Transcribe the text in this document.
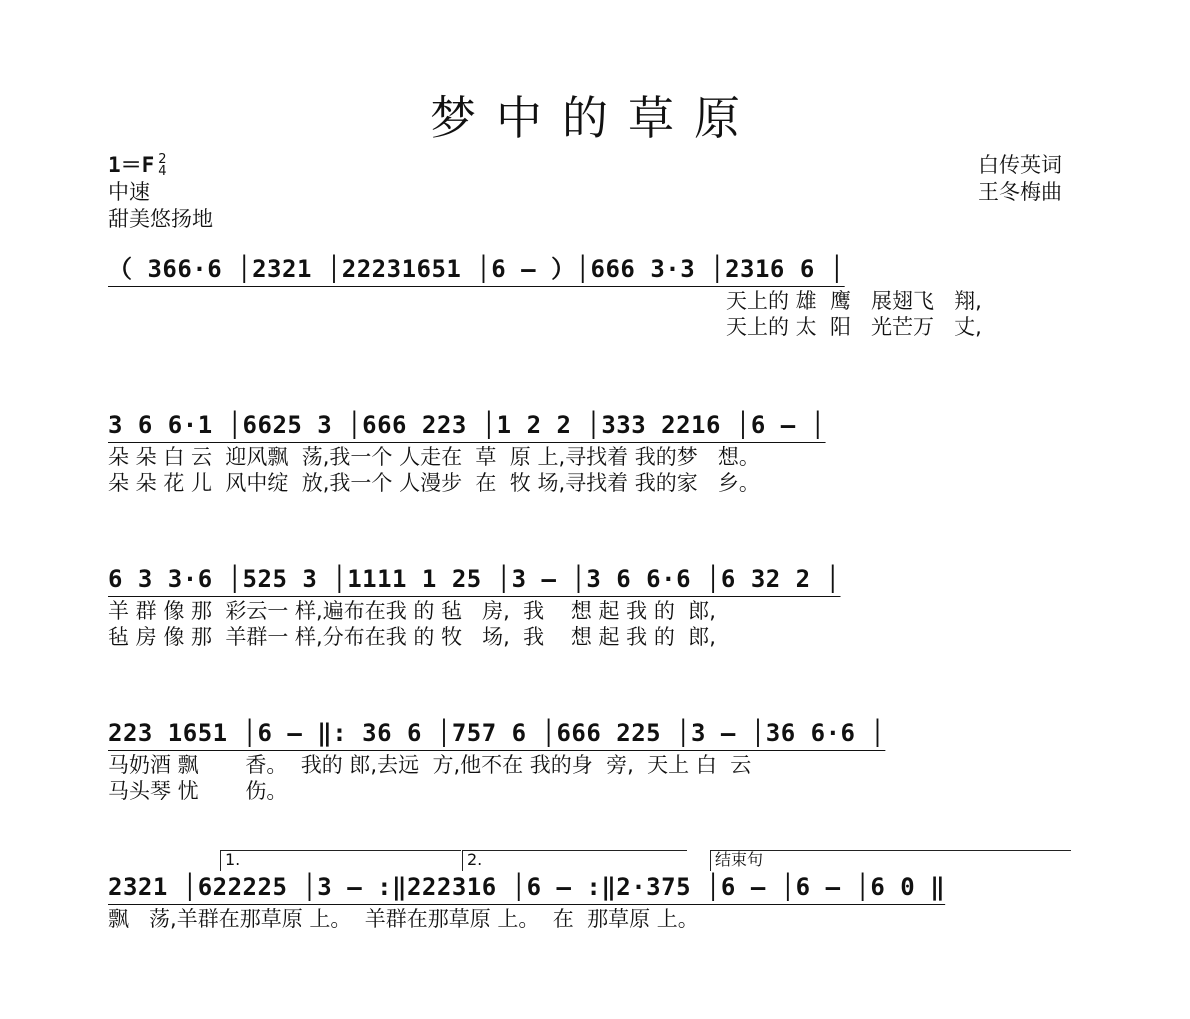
梦中的草原
1＝F 2
4
中速
甜美悠扬地
白传英词
王冬梅曲
（ 366·6 │2321 │22231651 │6 — ）│666 3·3 │2316 6 │
天上的 雄  鹰   展翅飞   翔,
天上的 太  阳   光芒万   丈,
3 6 6·1 │6625 3 │666 223 │1 2 2 │333 2216 │6 — │
朵 朵 白 云  迎风飘  荡,我一个 人走在  草  原 上,寻找着 我的梦   想。
朵 朵 花 儿  风中绽  放,我一个 人漫步  在  牧 场,寻找着 我的家   乡。
6 3 3·6 │525 3 │1111 1 25 │3 — │3 6 6·6 │6 32 2 │
羊 群 像 那  彩云一 样,遍布在我 的 毡   房,  我    想 起 我 的  郎,
毡 房 像 那  羊群一 样,分布在我 的 牧   场,  我    想 起 我 的  郎,
223 1651 │6 — ‖: 36 6 │757 6 │666 225 │3 — │36 6·6 │
马奶酒 飘       香。  我的 郎,去远  方,他不在 我的身  旁,  天上 白  云
马头琴 忧       伤。
1.	2.	结束句
2321 │622225 │3 — :‖222316 │6 — :‖2·375 │6 — │6 — │6 0 ‖
飘   荡,羊群在那草原 上。  羊群在那草原 上。  在  那草原 上。
